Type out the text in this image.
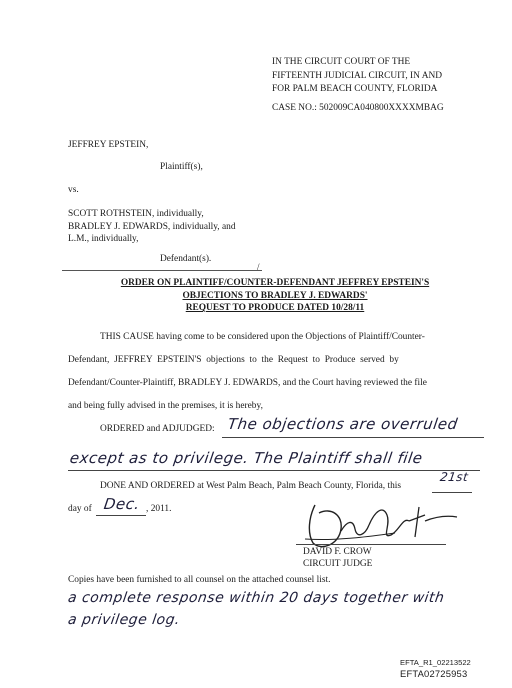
IN THE CIRCUIT COURT OF THE
FIFTEENTH JUDICIAL CIRCUIT, IN AND
FOR PALM BEACH COUNTY, FLORIDA
CASE NO.: 502009CA040800XXXXMBAG
JEFFREY EPSTEIN,
Plaintiff(s),
vs.
SCOTT ROTHSTEIN, individually,
BRADLEY J. EDWARDS, individually, and
L.M., individually,
Defendant(s).
/
ORDER ON PLAINTIFF/COUNTER-DEFENDANT JEFFREY EPSTEIN'S
OBJECTIONS TO BRADLEY J. EDWARDS'
REQUEST TO PRODUCE DATED 10/28/11
THIS CAUSE having come to be considered upon the Objections of Plaintiff/Counter-
Defendant, JEFFREY EPSTEIN'S objections to the Request to Produce served by
Defendant/Counter-Plaintiff, BRADLEY J. EDWARDS, and the Court having reviewed the file
and being fully advised in the premises, it is hereby,
ORDERED and ADJUDGED: The objections are overruled
except as to privilege. The Plaintiff shall file
DONE AND ORDERED at West Palm Beach, Palm Beach County, Florida, this
21st
day of Dec. , 2011.
DAVID F. CROW
CIRCUIT JUDGE
Copies have been furnished to all counsel on the attached counsel list.
a complete response within 20 days together with
a privilege log.
EFTA_R1_02213522
EFTA02725953
